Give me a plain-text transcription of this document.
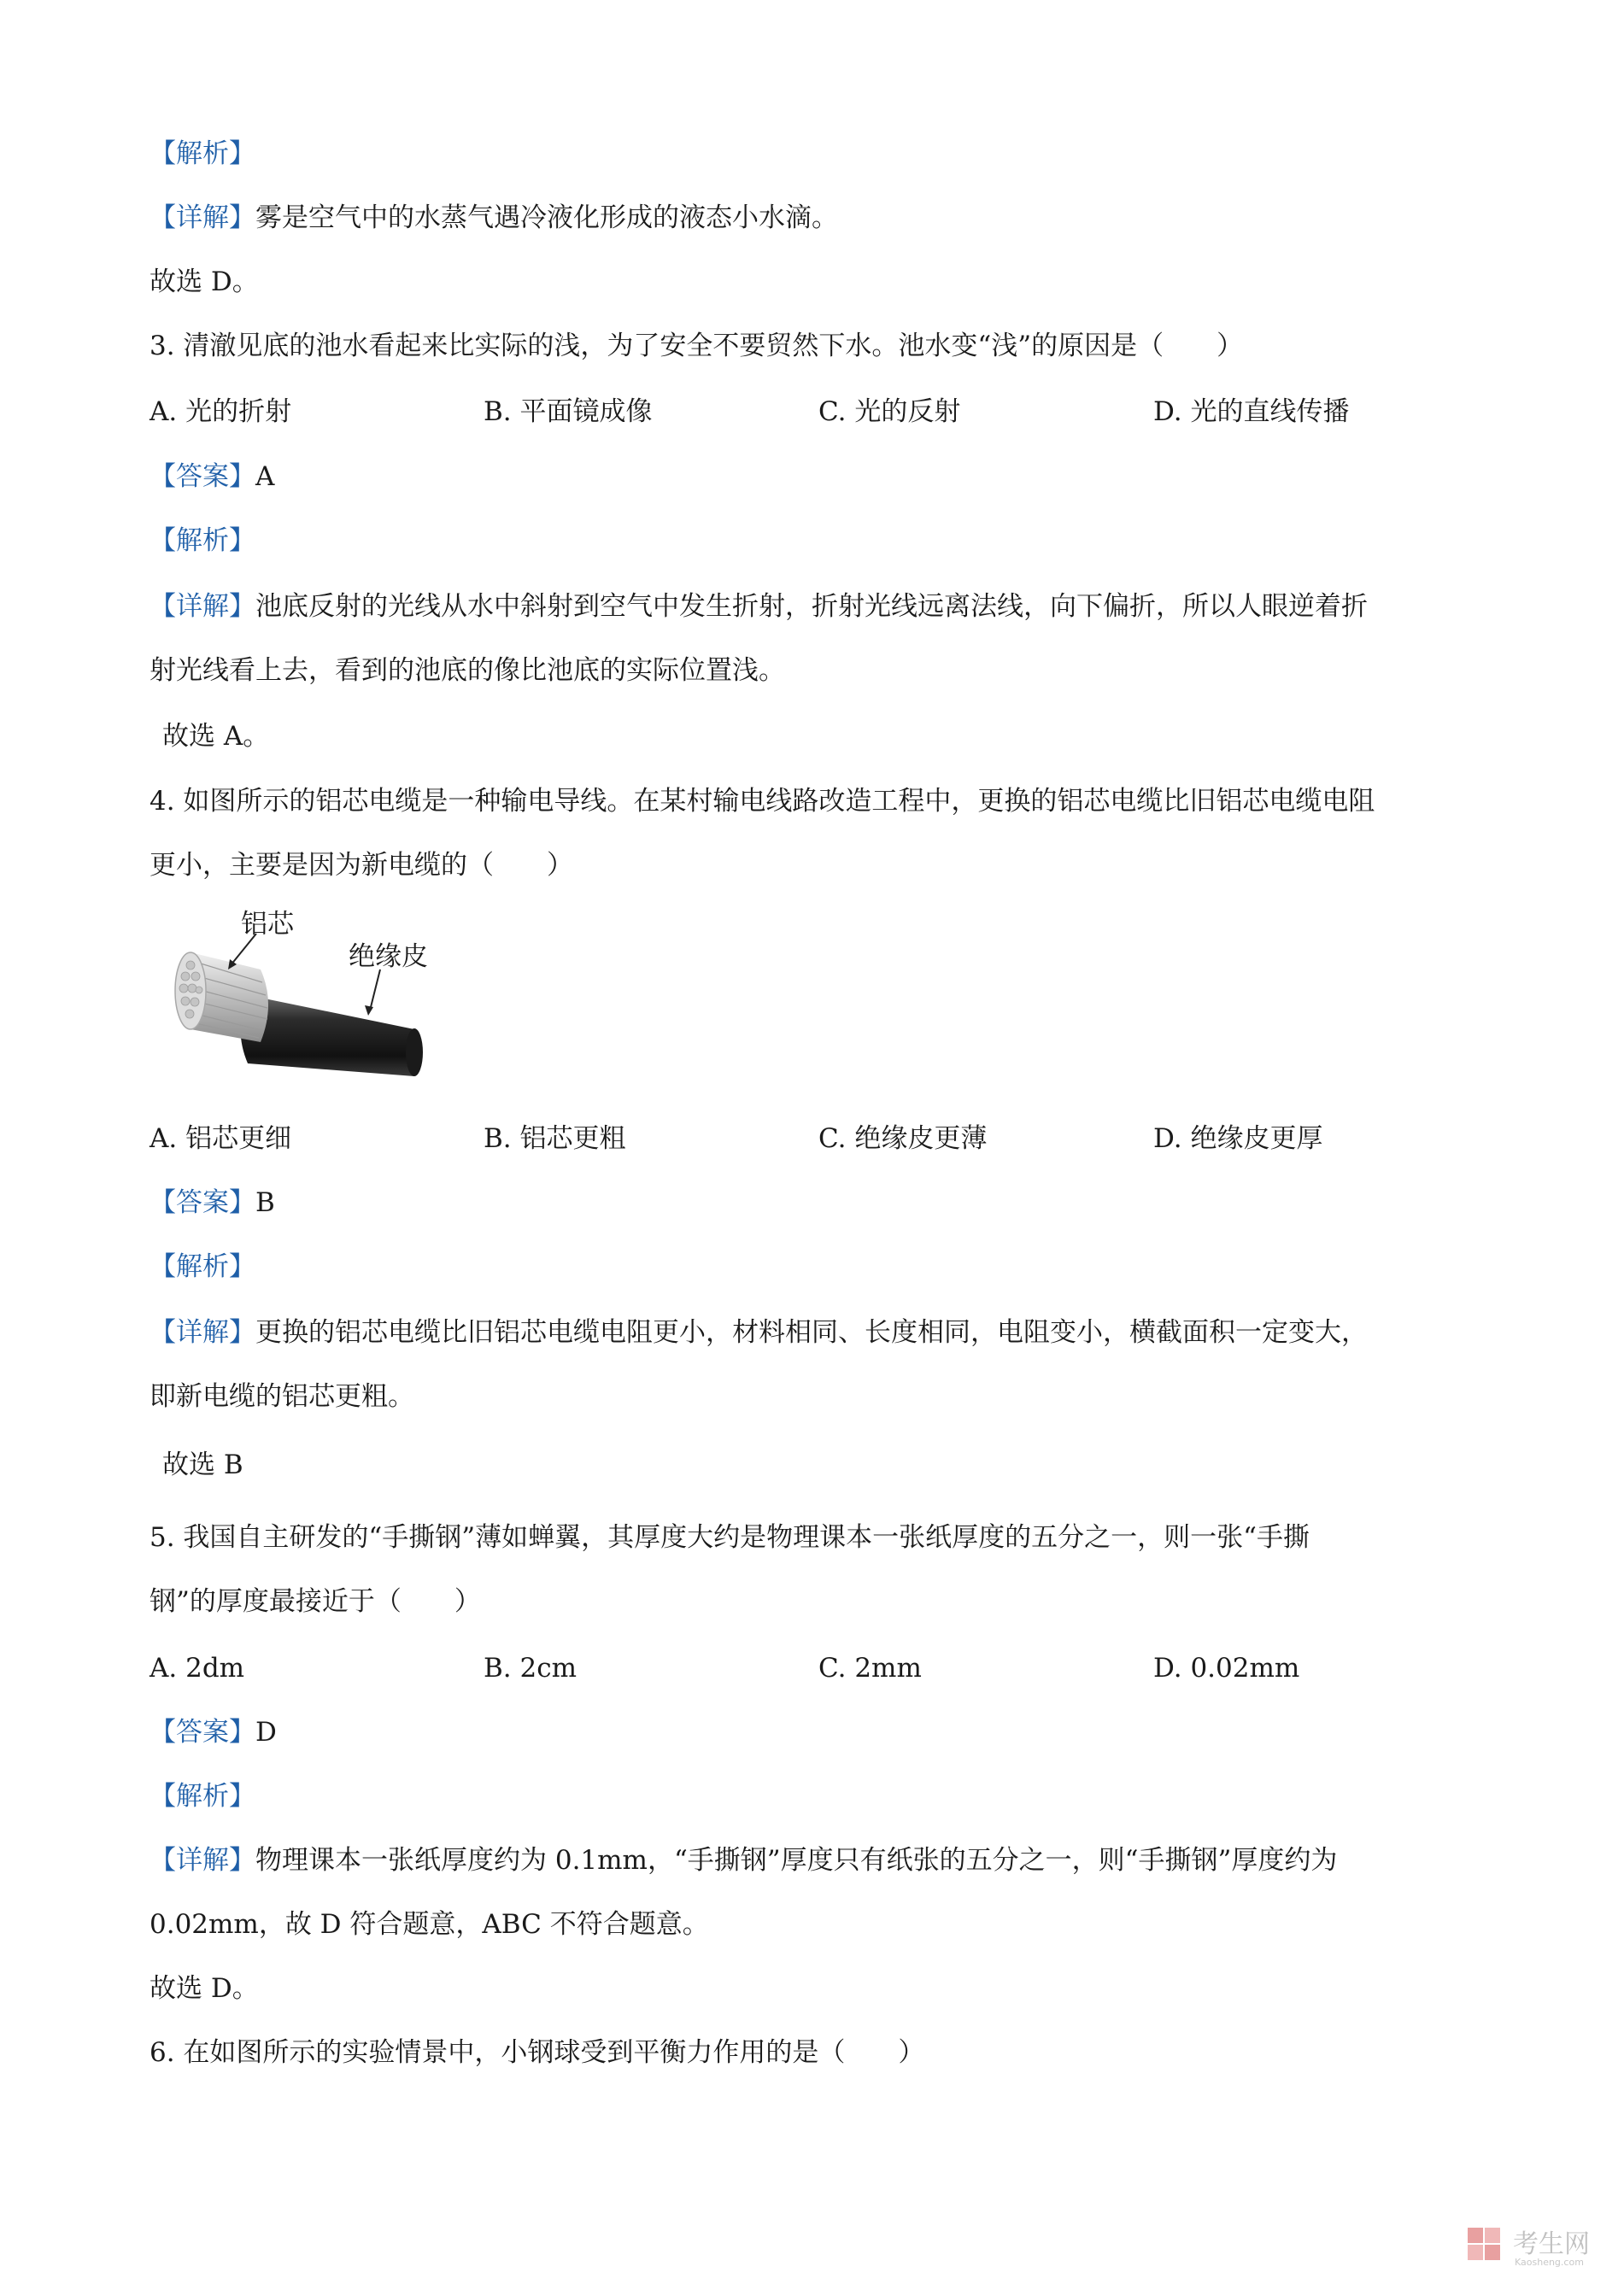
【解析】
【详解】雾是空气中的水蒸气遇冷液化形成的液态小水滴。
故选 D。
3. 清澈见底的池水看起来比实际的浅，为了安全不要贸然下水。池水变“浅”的原因是（　　）
A. 光的折射	B. 平面镜成像	C. 光的反射	D. 光的直线传播
【答案】A
【解析】
【详解】池底反射的光线从水中斜射到空气中发生折射，折射光线远离法线，向下偏折，所以人眼逆着折
射光线看上去，看到的池底的像比池底的实际位置浅。
故选 A。
4. 如图所示的铝芯电缆是一种输电导线。在某村输电线路改造工程中，更换的铝芯电缆比旧铝芯电缆电阻
更小，主要是因为新电缆的（　　）
铝芯
绝缘皮
A. 铝芯更细	B. 铝芯更粗	C. 绝缘皮更薄	D. 绝缘皮更厚
【答案】B
【解析】
【详解】更换的铝芯电缆比旧铝芯电缆电阻更小，材料相同、长度相同，电阻变小，横截面积一定变大，
即新电缆的铝芯更粗。
故选 B
5. 我国自主研发的“手撕钢”薄如蝉翼，其厚度大约是物理课本一张纸厚度的五分之一，则一张“手撕
钢”的厚度最接近于（　　）
A. 2dm	B. 2cm	C. 2mm	D. 0.02mm
【答案】D
【解析】
【详解】物理课本一张纸厚度约为 0.1mm，“手撕钢”厚度只有纸张的五分之一，则“手撕钢”厚度约为
0.02mm，故 D 符合题意，ABC 不符合题意。
故选 D。
6. 在如图所示的实验情景中，小钢球受到平衡力作用的是（　　）
考生网
Kaosheng.com
